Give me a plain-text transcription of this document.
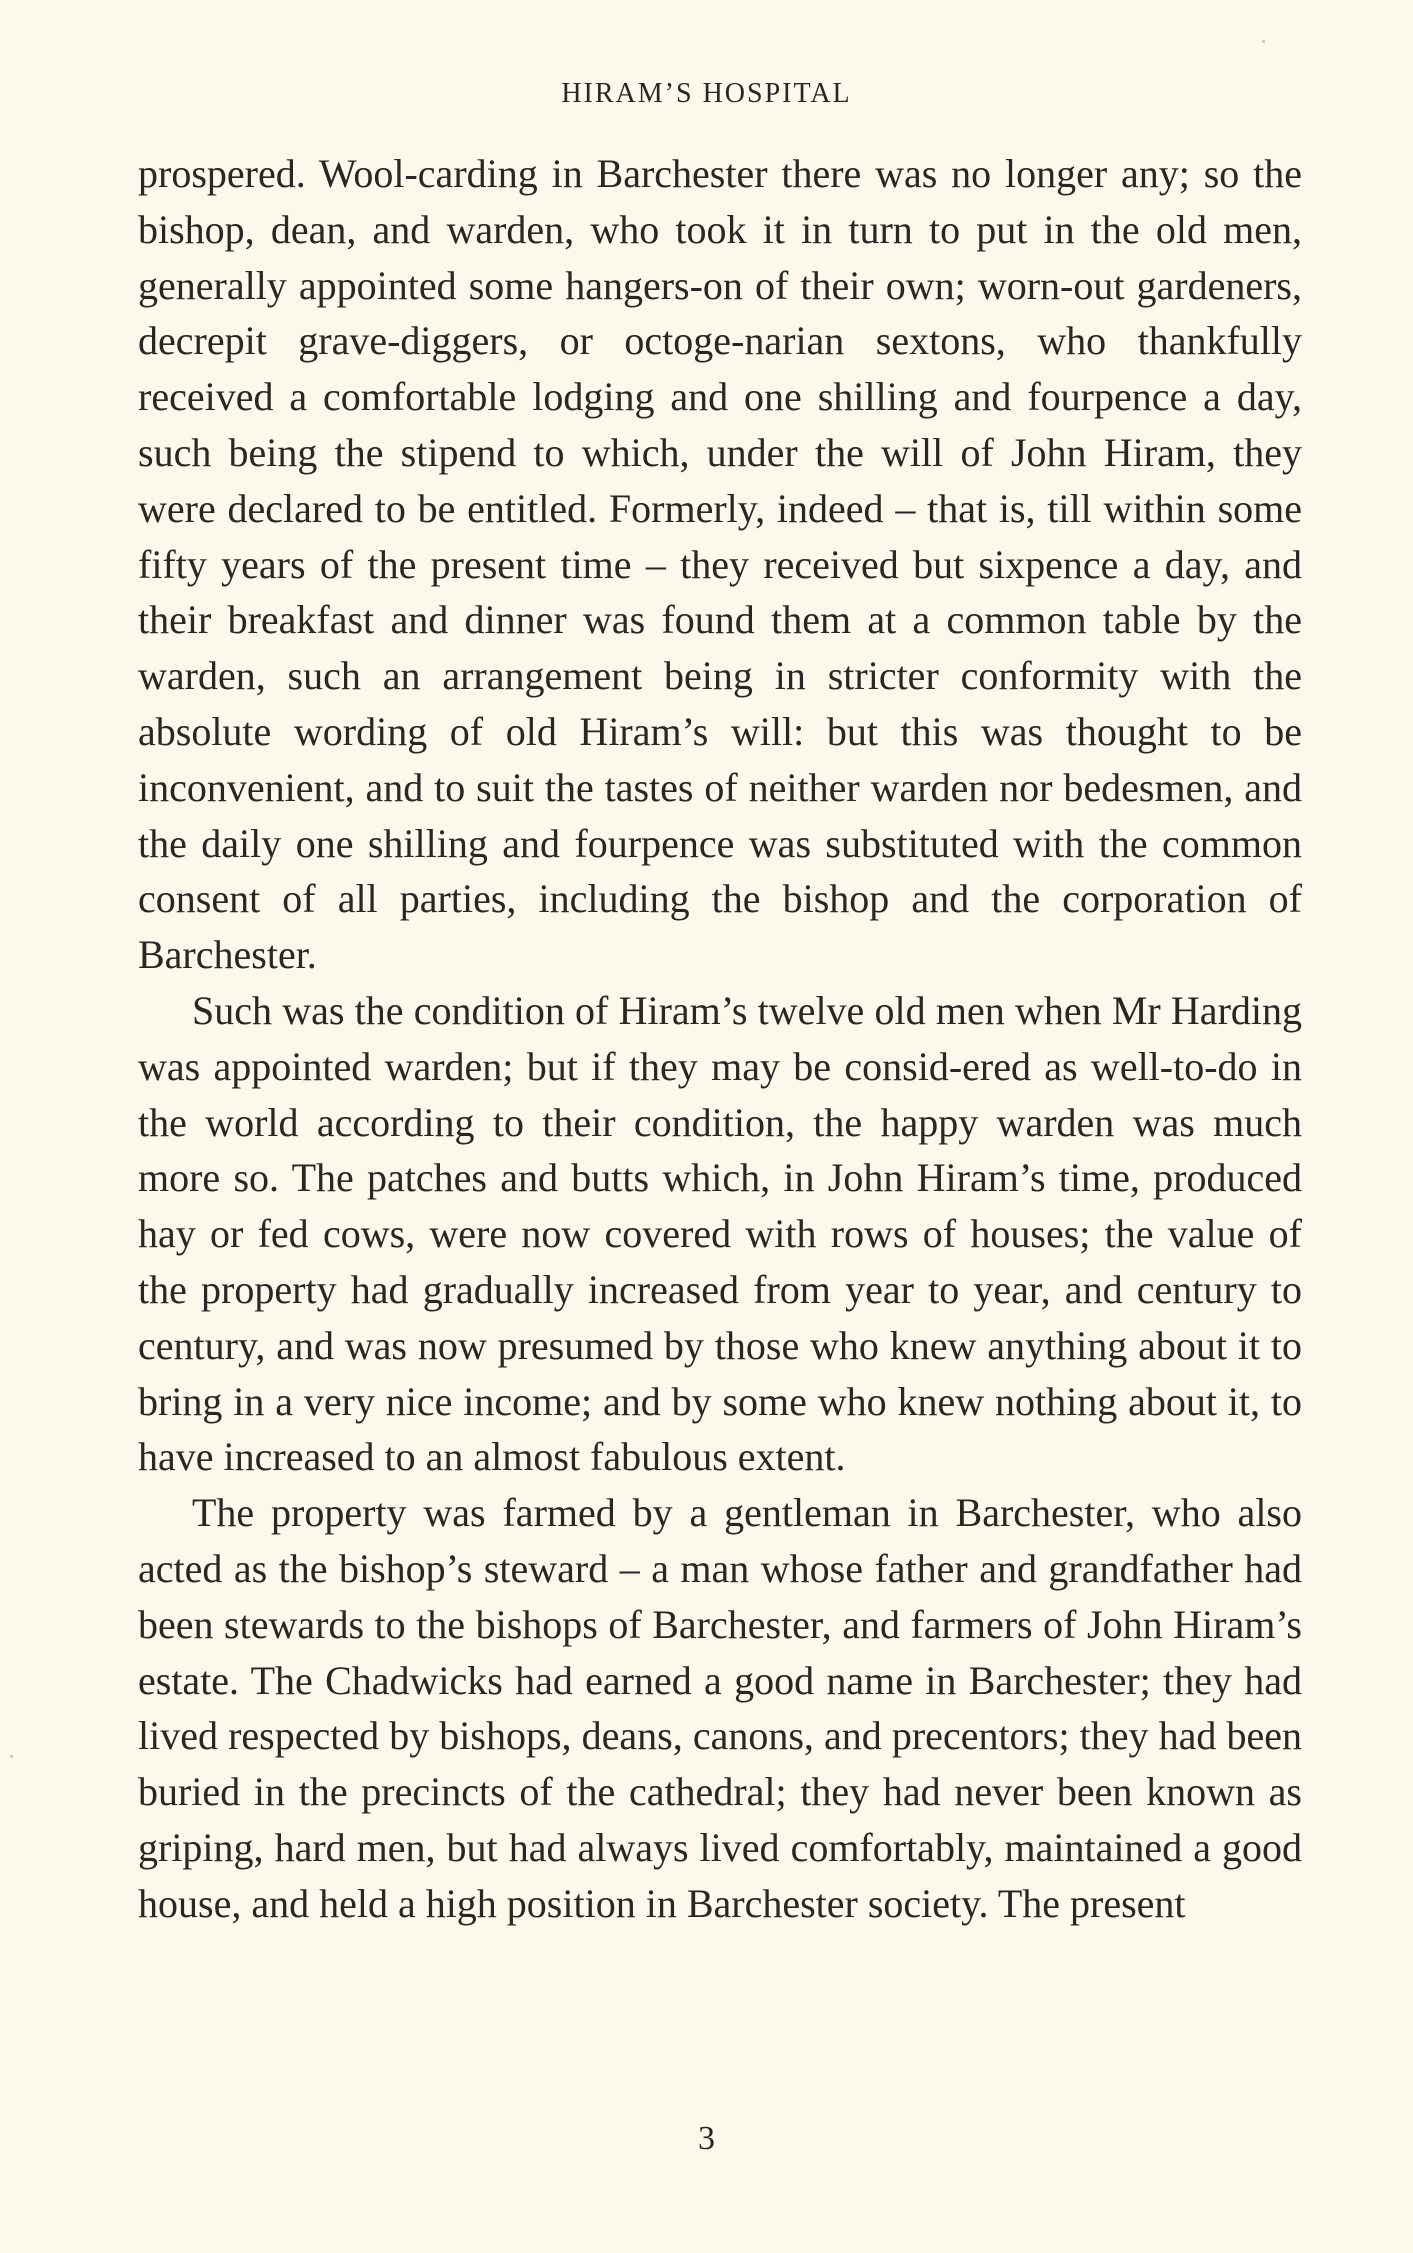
HIRAM’S HOSPITAL

prospered. Wool-carding in Barchester there was no longer any; so the bishop, dean, and warden, who took it in turn to put in the old men, generally appointed some hangers-on of their own; worn-out gardeners, decrepit grave-diggers, or octoge-narian sextons, who thankfully received a comfortable lodging and one shilling and fourpence a day, such being the stipend to which, under the will of John Hiram, they were declared to be entitled. Formerly, indeed – that is, till within some fifty years of the present time – they received but sixpence a day, and their breakfast and dinner was found them at a common table by the warden, such an arrangement being in stricter conformity with the absolute wording of old Hiram’s will: but this was thought to be inconvenient, and to suit the tastes of neither warden nor bedesmen, and the daily one shilling and fourpence was substituted with the common consent of all parties, including the bishop and the corporation of Barchester.

Such was the condition of Hiram’s twelve old men when Mr Harding was appointed warden; but if they may be consid-ered as well-to-do in the world according to their condition, the happy warden was much more so. The patches and butts which, in John Hiram’s time, produced hay or fed cows, were now covered with rows of houses; the value of the property had gradually increased from year to year, and century to century, and was now presumed by those who knew anything about it to bring in a very nice income; and by some who knew nothing about it, to have increased to an almost fabulous extent.

The property was farmed by a gentleman in Barchester, who also acted as the bishop’s steward – a man whose father and grandfather had been stewards to the bishops of Barchester, and farmers of John Hiram’s estate. The Chadwicks had earned a good name in Barchester; they had lived respected by bishops, deans, canons, and precentors; they had been buried in the precincts of the cathedral; they had never been known as griping, hard men, but had always lived comfortably, maintained a good house, and held a high position in Barchester society. The present

3
